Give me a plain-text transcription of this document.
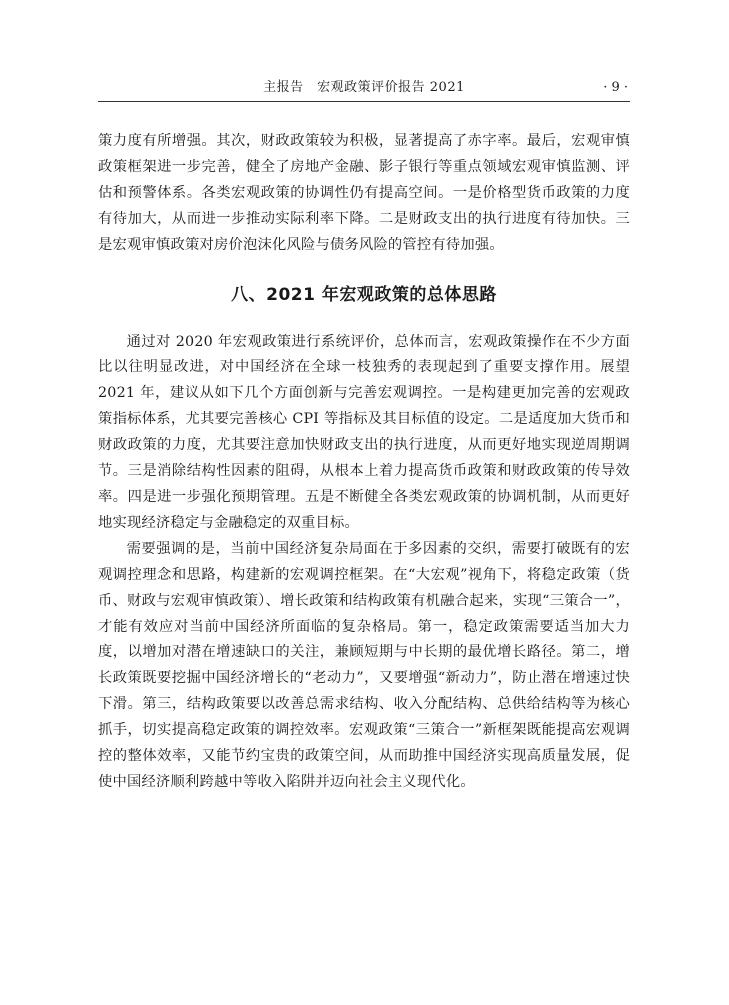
主报告　宏观政策评价报告 2021	· 9 ·

策力度有所增强。其次，财政政策较为积极，显著提高了赤字率。最后，宏观审慎政策框架进一步完善，健全了房地产金融、影子银行等重点领域宏观审慎监测、评估和预警体系。各类宏观政策的协调性仍有提高空间。一是价格型货币政策的力度有待加大，从而进一步推动实际利率下降。二是财政支出的执行进度有待加快。三是宏观审慎政策对房价泡沫化风险与债务风险的管控有待加强。

八、2021 年宏观政策的总体思路

通过对 2020 年宏观政策进行系统评价，总体而言，宏观政策操作在不少方面比以往明显改进，对中国经济在全球一枝独秀的表现起到了重要支撑作用。展望 2021 年，建议从如下几个方面创新与完善宏观调控。一是构建更加完善的宏观政策指标体系，尤其要完善核心 CPI 等指标及其目标值的设定。二是适度加大货币和财政政策的力度，尤其要注意加快财政支出的执行进度，从而更好地实现逆周期调节。三是消除结构性因素的阻碍，从根本上着力提高货币政策和财政政策的传导效率。四是进一步强化预期管理。五是不断健全各类宏观政策的协调机制，从而更好地实现经济稳定与金融稳定的双重目标。

需要强调的是，当前中国经济复杂局面在于多因素的交织，需要打破既有的宏观调控理念和思路，构建新的宏观调控框架。在“大宏观”视角下，将稳定政策（货币、财政与宏观审慎政策）、增长政策和结构政策有机融合起来，实现“三策合一”，才能有效应对当前中国经济所面临的复杂格局。第一，稳定政策需要适当加大力度，以增加对潜在增速缺口的关注，兼顾短期与中长期的最优增长路径。第二，增长政策既要挖掘中国经济增长的“老动力”，又要增强“新动力”，防止潜在增速过快下滑。第三，结构政策要以改善总需求结构、收入分配结构、总供给结构等为核心抓手，切实提高稳定政策的调控效率。宏观政策“三策合一”新框架既能提高宏观调控的整体效率，又能节约宝贵的政策空间，从而助推中国经济实现高质量发展，促使中国经济顺利跨越中等收入陷阱并迈向社会主义现代化。
